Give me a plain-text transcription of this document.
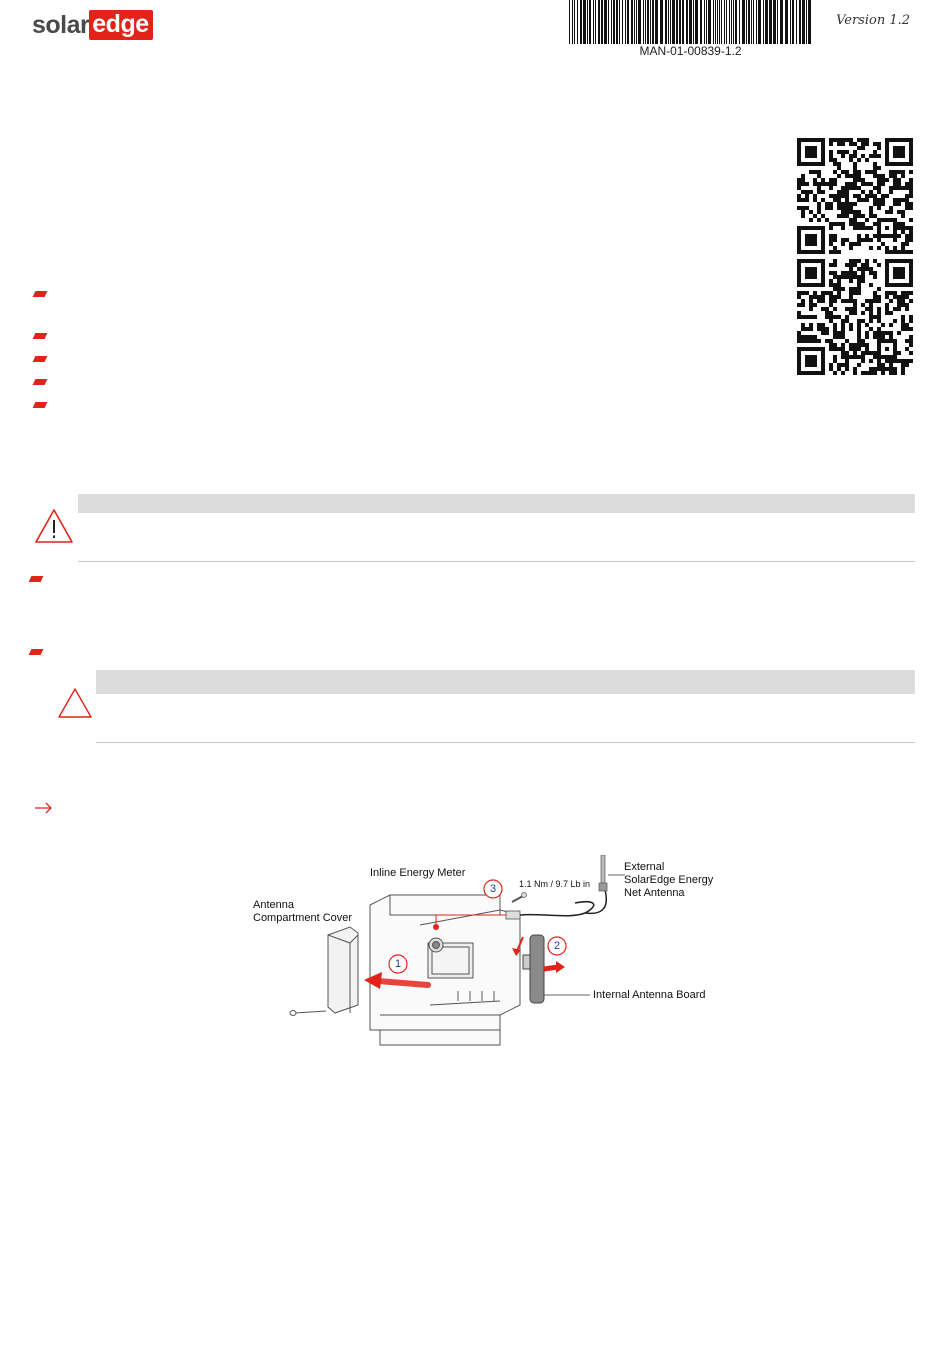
solar edge
MAN-01-00839-1.2
Version 1.2
1
2
3
Inline Energy Meter
Antenna
Compartment Cover
1.1 Nm / 9.7 Lb in
External
SolarEdge Energy
Net Antenna
Internal Antenna Board
